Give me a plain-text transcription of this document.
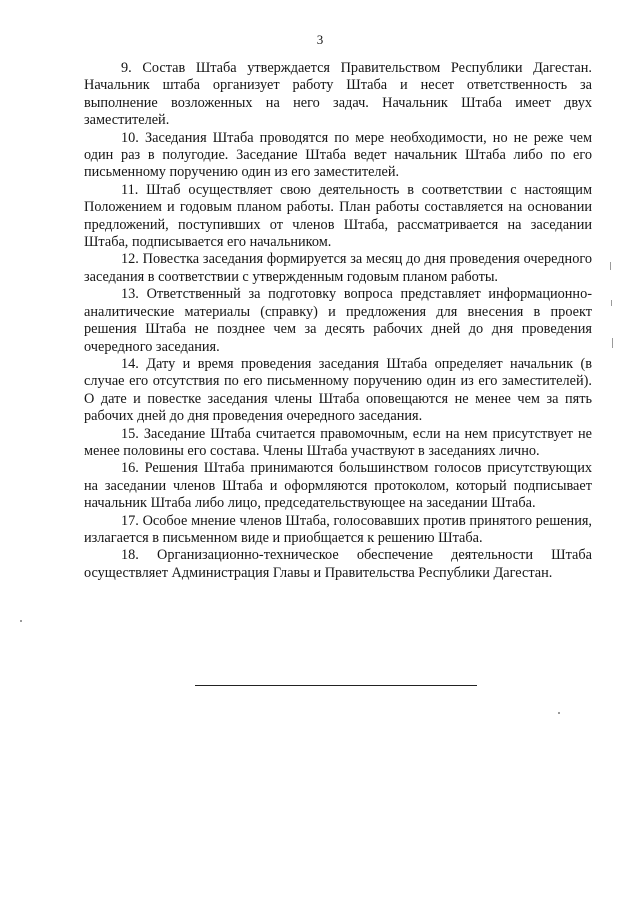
3

9. Состав Штаба утверждается Правительством Республики Дагестан. Начальник штаба организует работу Штаба и несет ответственность за выполнение возложенных на него задач. Начальник Штаба имеет двух заместителей.

10. Заседания Штаба проводятся по мере необходимости, но не реже чем один раз в полугодие. Заседание Штаба ведет начальник Штаба либо по его письменному поручению один из его заместителей.

11. Штаб осуществляет свою деятельность в соответствии с настоящим Положением и годовым планом работы. План работы составляется на основании предложений, поступивших от членов Штаба, рассматривается на заседании Штаба, подписывается его начальником.

12. Повестка заседания формируется за месяц до дня проведения очередного заседания в соответствии с утвержденным годовым планом работы.

13. Ответственный за подготовку вопроса представляет информационно-аналитические материалы (справку) и предложения для внесения в проект решения Штаба не позднее чем за десять рабочих дней до дня проведения очередного заседания.

14. Дату и время проведения заседания Штаба определяет начальник (в случае его отсутствия по его письменному поручению один из его заместителей). О дате и повестке заседания члены Штаба оповещаются не менее чем за пять рабочих дней до дня проведения очередного заседания.

15. Заседание Штаба считается правомочным, если на нем присутствует не менее половины его состава. Члены Штаба участвуют в заседаниях лично.

16. Решения Штаба принимаются большинством голосов присутствующих на заседании членов Штаба и оформляются протоколом, который подписывает начальник Штаба либо лицо, председательствующее на заседании Штаба.

17. Особое мнение членов Штаба, голосовавших против принятого решения, излагается в письменном виде и приобщается к решению Штаба.

18. Организационно-техническое обеспечение деятельности Штаба осуществляет Администрация Главы и Правительства Республики Дагестан.
